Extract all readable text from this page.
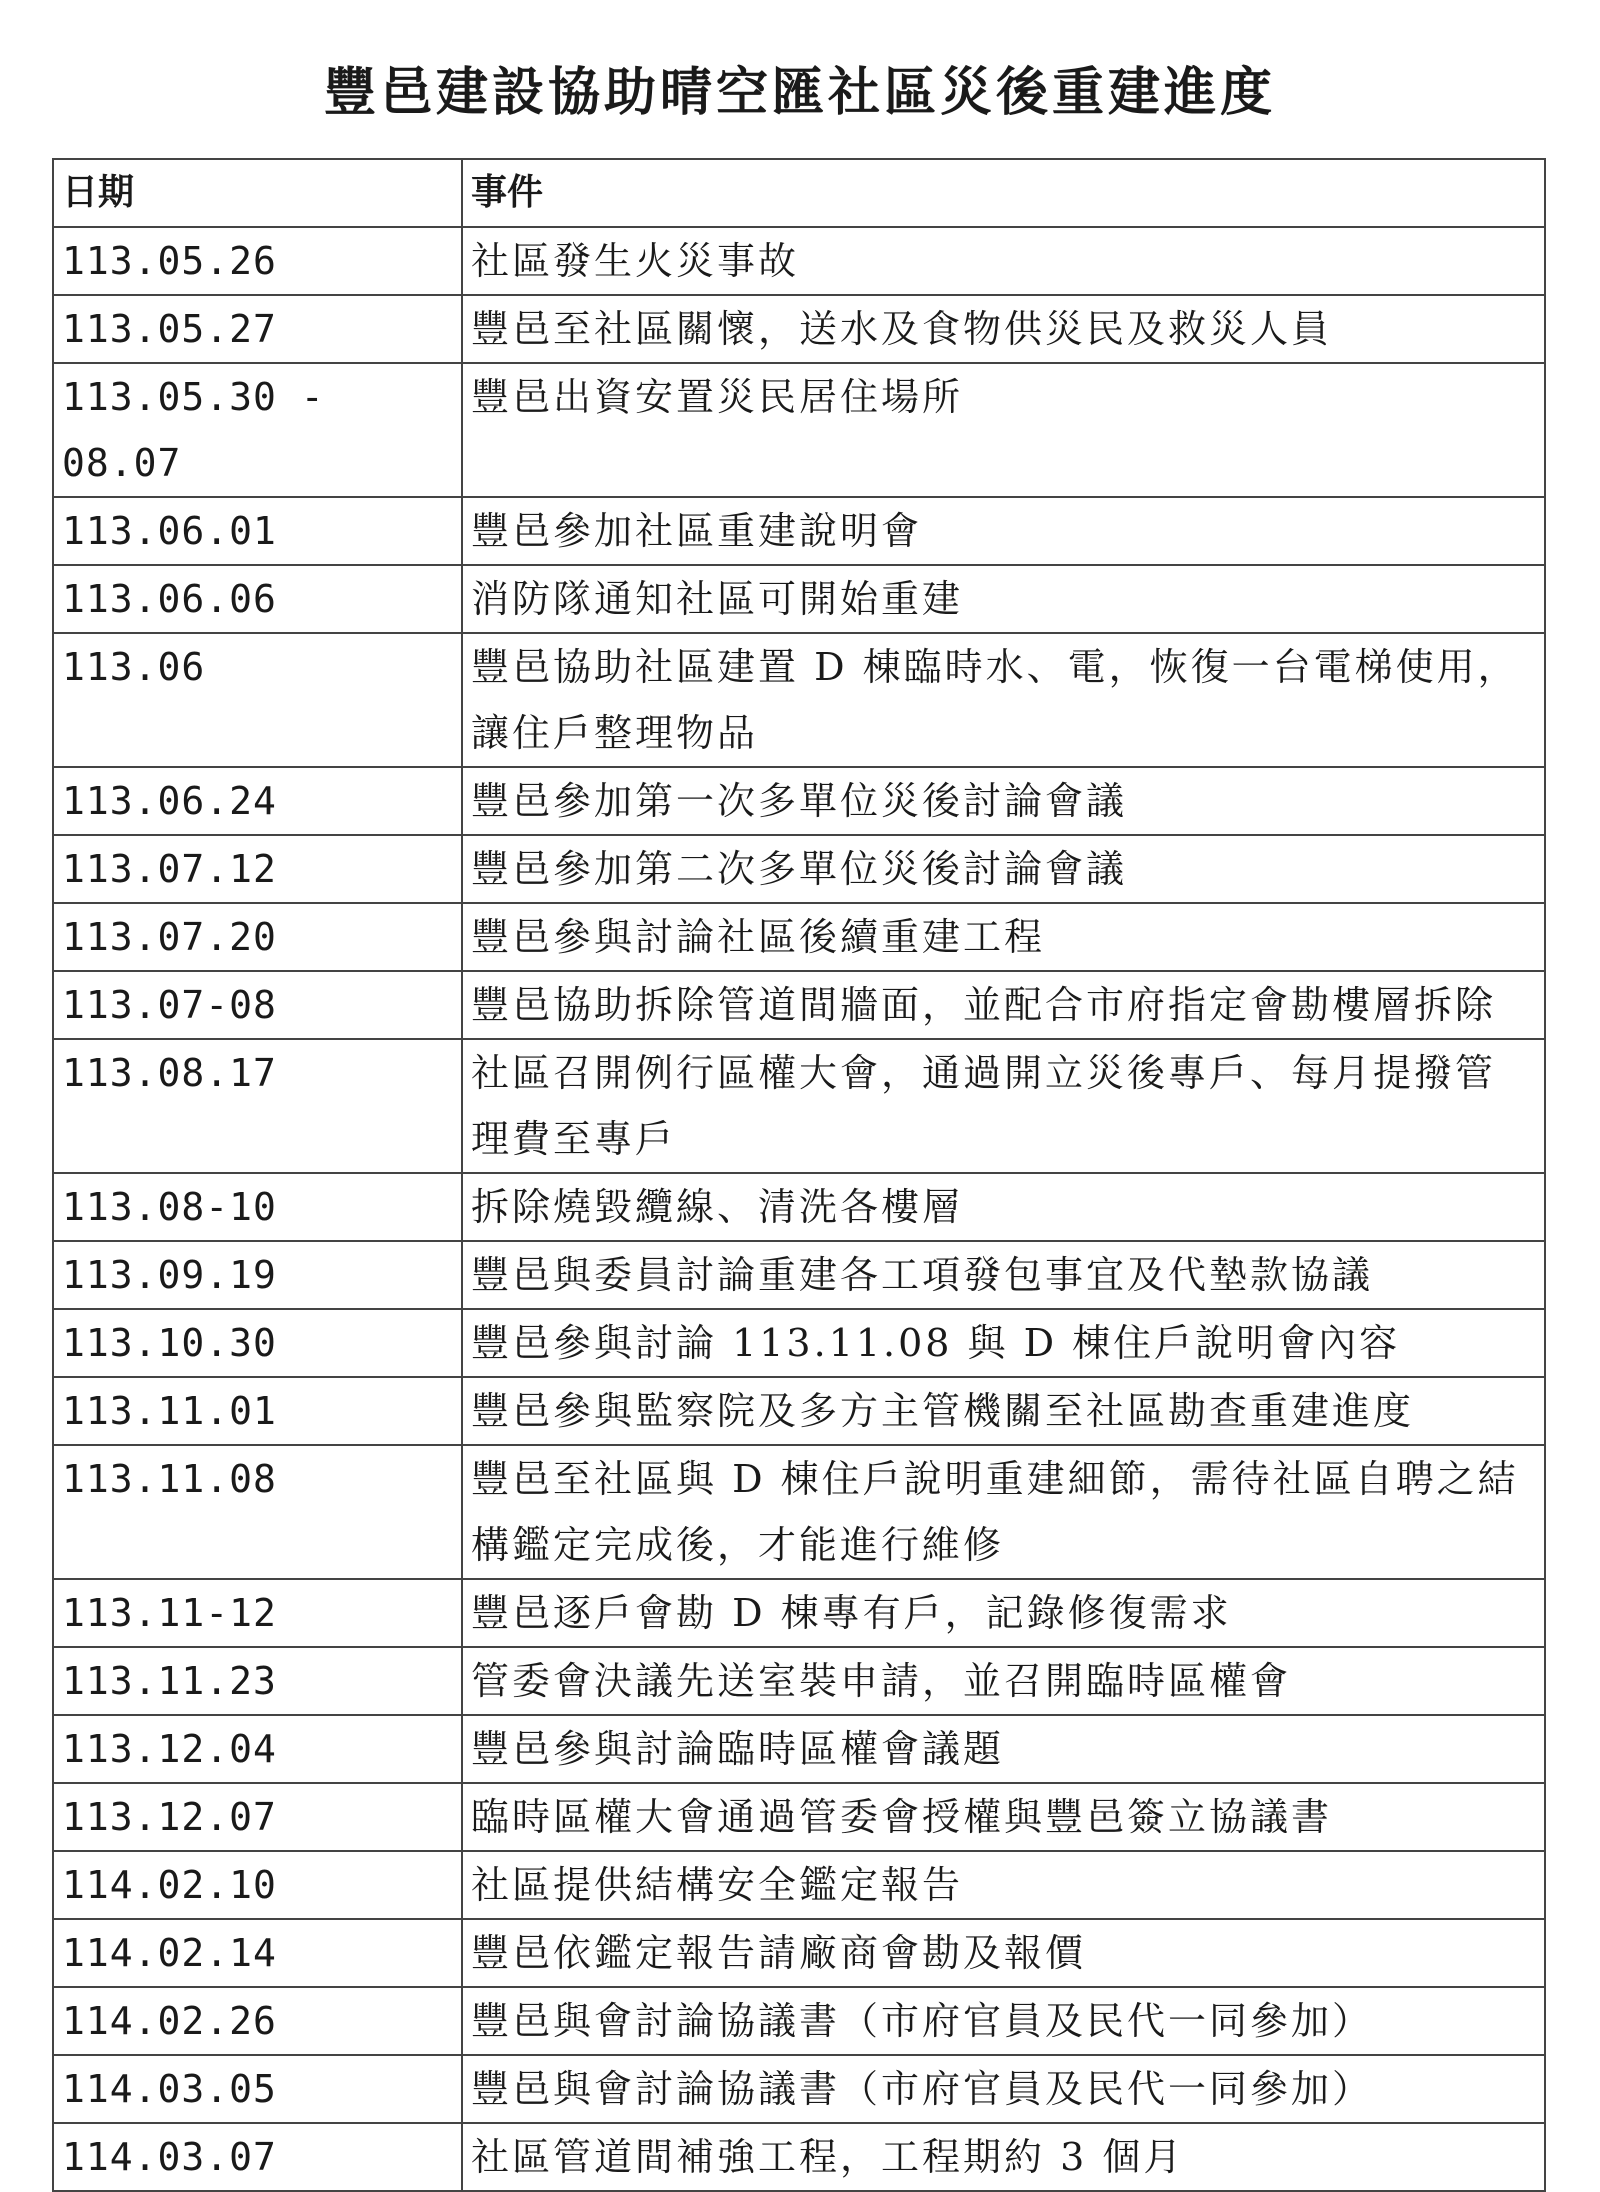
豐邑建設協助晴空匯社區災後重建進度
日期	事件
113.05.26	社區發生火災事故
113.05.27	豐邑至社區關懷，送水及食物供災民及救災人員
113.05.30 - 08.07	豐邑出資安置災民居住場所
113.06.01	豐邑參加社區重建說明會
113.06.06	消防隊通知社區可開始重建
113.06	豐邑協助社區建置 D 棟臨時水、電，恢復一台電梯使用，讓住戶整理物品
113.06.24	豐邑參加第一次多單位災後討論會議
113.07.12	豐邑參加第二次多單位災後討論會議
113.07.20	豐邑參與討論社區後續重建工程
113.07-08	豐邑協助拆除管道間牆面，並配合市府指定會勘樓層拆除
113.08.17	社區召開例行區權大會，通過開立災後專戶、每月提撥管理費至專戶
113.08-10	拆除燒毀纜線、清洗各樓層
113.09.19	豐邑與委員討論重建各工項發包事宜及代墊款協議
113.10.30	豐邑參與討論 113.11.08 與 D 棟住戶說明會內容
113.11.01	豐邑參與監察院及多方主管機關至社區勘查重建進度
113.11.08	豐邑至社區與 D 棟住戶說明重建細節，需待社區自聘之結構鑑定完成後，才能進行維修
113.11-12	豐邑逐戶會勘 D 棟專有戶，記錄修復需求
113.11.23	管委會決議先送室裝申請，並召開臨時區權會
113.12.04	豐邑參與討論臨時區權會議題
113.12.07	臨時區權大會通過管委會授權與豐邑簽立協議書
114.02.10	社區提供結構安全鑑定報告
114.02.14	豐邑依鑑定報告請廠商會勘及報價
114.02.26	豐邑與會討論協議書（市府官員及民代一同參加）
114.03.05	豐邑與會討論協議書（市府官員及民代一同參加）
114.03.07	社區管道間補強工程，工程期約 3 個月
